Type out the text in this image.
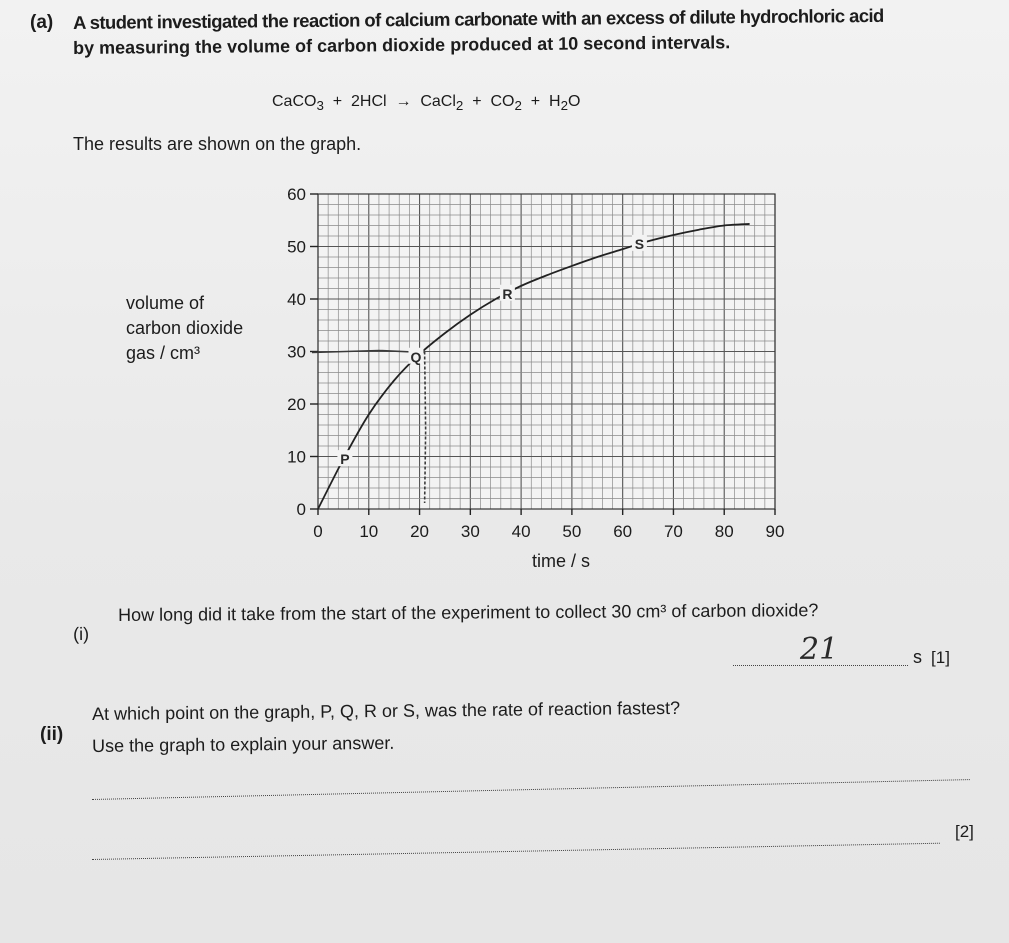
(a) A student investigated the reaction of calcium carbonate with an excess of dilute hydrochloric acid
by measuring the volume of carbon dioxide produced at 10 second intervals.
CaCO$_3$ + 2HCl → CaCl$_2$ + $CO_2 + H_2O$
The results are shown on the graph.
volume of
carbon dioxide
gas / cm³
0
10
20
30
40
50
60
0 10 20 30 40 50 60 70 80 90
P
Q
R
S
time / s
(i)
How long did it take from the start of the experiment to collect 30 cm³ of carbon dioxide?
21	s [1]
(ii)
At which point on the graph, P, Q, R or S, was the rate of reaction fastest?
Use the graph to explain your answer.
[2]
